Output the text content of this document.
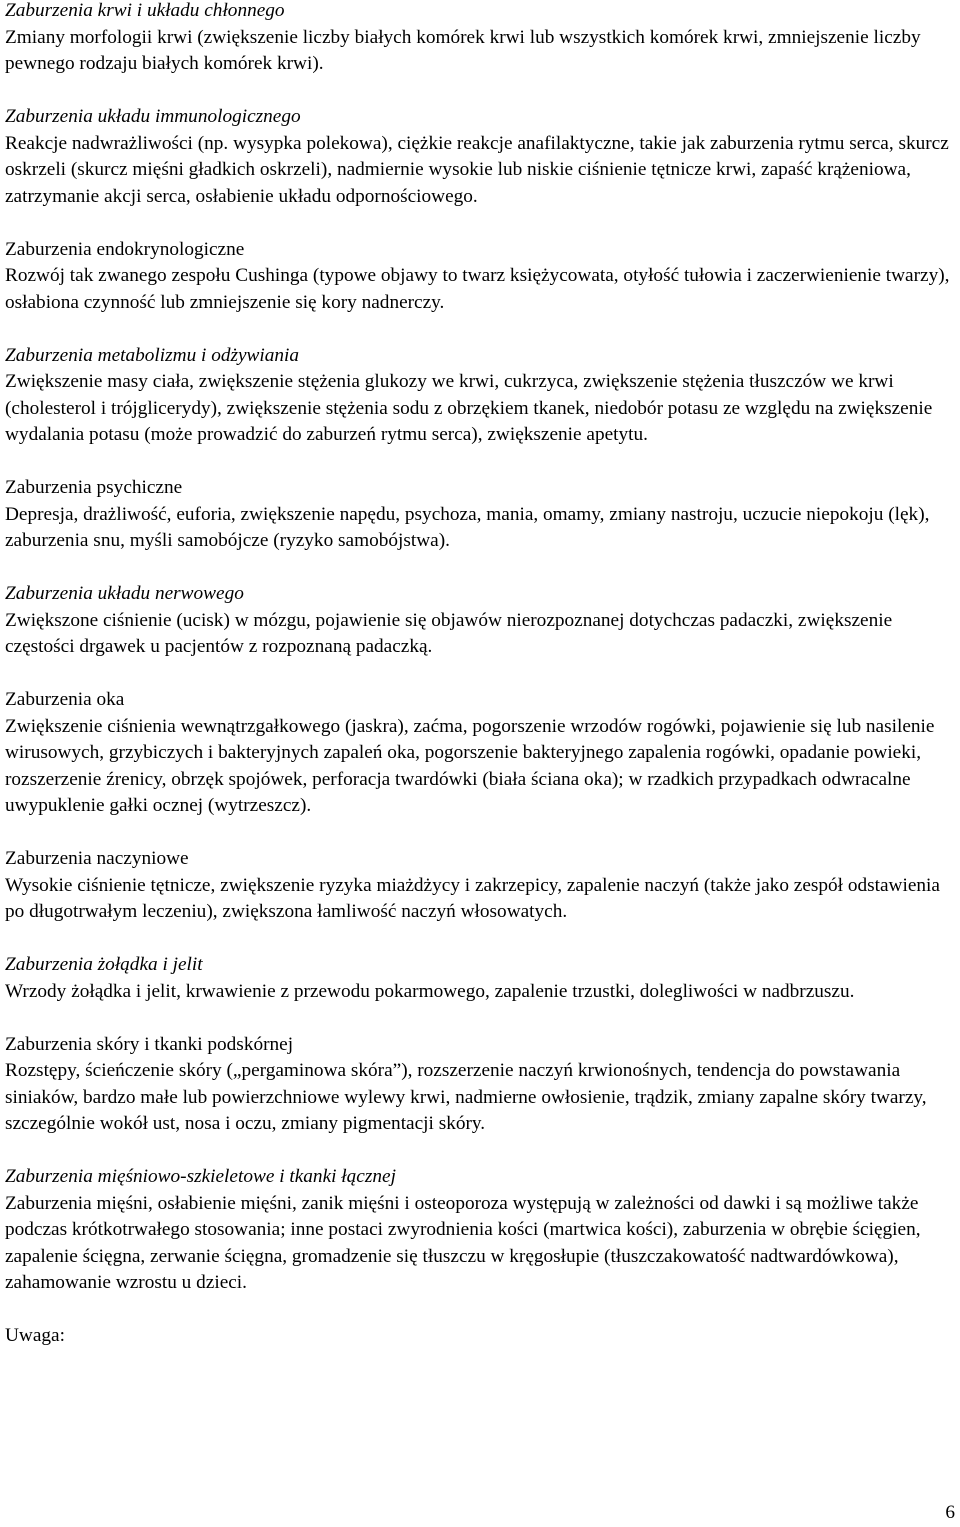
Zaburzenia krwi i układu chłonnego

Zmiany morfologii krwi (zwiększenie liczby białych komórek krwi lub wszystkich komórek krwi, zmniejszenie liczby pewnego rodzaju białych komórek krwi).

Zaburzenia układu immunologicznego

Reakcje nadwrażliwości (np. wysypka polekowa), ciężkie reakcje anafilaktyczne, takie jak zaburzenia rytmu serca, skurcz oskrzeli (skurcz mięśni gładkich oskrzeli), nadmiernie wysokie lub niskie ciśnienie tętnicze krwi, zapaść krążeniowa, zatrzymanie akcji serca, osłabienie układu odpornościowego.

Zaburzenia endokrynologiczne

Rozwój tak zwanego zespołu Cushinga (typowe objawy to twarz księżycowata, otyłość tułowia i zaczerwienienie twarzy), osłabiona czynność lub zmniejszenie się kory nadnerczy.

Zaburzenia metabolizmu i odżywiania

Zwiększenie masy ciała, zwiększenie stężenia glukozy we krwi, cukrzyca, zwiększenie stężenia tłuszczów we krwi (cholesterol i trójglicerydy), zwiększenie stężenia sodu z obrzękiem tkanek, niedobór potasu ze względu na zwiększenie wydalania potasu (może prowadzić do zaburzeń rytmu serca), zwiększenie apetytu.

Zaburzenia psychiczne

Depresja, drażliwość, euforia, zwiększenie napędu, psychoza, mania, omamy, zmiany nastroju, uczucie niepokoju (lęk), zaburzenia snu, myśli samobójcze (ryzyko samobójstwa).

Zaburzenia układu nerwowego

Zwiększone ciśnienie (ucisk) w mózgu, pojawienie się objawów nierozpoznanej dotychczas padaczki, zwiększenie częstości drgawek u pacjentów z rozpoznaną padaczką.

Zaburzenia oka

Zwiększenie ciśnienia wewnątrzgałkowego (jaskra), zaćma, pogorszenie wrzodów rogówki, pojawienie się lub nasilenie wirusowych, grzybiczych i bakteryjnych zapaleń oka, pogorszenie bakteryjnego zapalenia rogówki, opadanie powieki, rozszerzenie źrenicy, obrzęk spojówek, perforacja twardówki (biała ściana oka); w rzadkich przypadkach odwracalne uwypuklenie gałki ocznej (wytrzeszcz).

Zaburzenia naczyniowe

Wysokie ciśnienie tętnicze, zwiększenie ryzyka miażdżycy i zakrzepicy, zapalenie naczyń (także jako zespół odstawienia po długotrwałym leczeniu), zwiększona łamliwość naczyń włosowatych.

Zaburzenia żołądka i jelit

Wrzody żołądka i jelit, krwawienie z przewodu pokarmowego, zapalenie trzustki, dolegliwości w nadbrzuszu.

Zaburzenia skóry i tkanki podskórnej

Rozstępy, ścieńczenie skóry („pergaminowa skóra”), rozszerzenie naczyń krwionośnych, tendencja do powstawania siniaków, bardzo małe lub powierzchniowe wylewy krwi, nadmierne owłosienie, trądzik, zmiany zapalne skóry twarzy, szczególnie wokół ust, nosa i oczu, zmiany pigmentacji skóry.

Zaburzenia mięśniowo-szkieletowe i tkanki łącznej

Zaburzenia mięśni, osłabienie mięśni, zanik mięśni i osteoporoza występują w zależności od dawki i są możliwe także podczas krótkotrwałego stosowania; inne postaci zwyrodnienia kości (martwica kości), zaburzenia w obrębie ścięgien, zapalenie ścięgna, zerwanie ścięgna, gromadzenie się tłuszczu w kręgosłupie (tłuszczakowatość nadtwardówkowa), zahamowanie wzrostu u dzieci.

Uwaga:

6
